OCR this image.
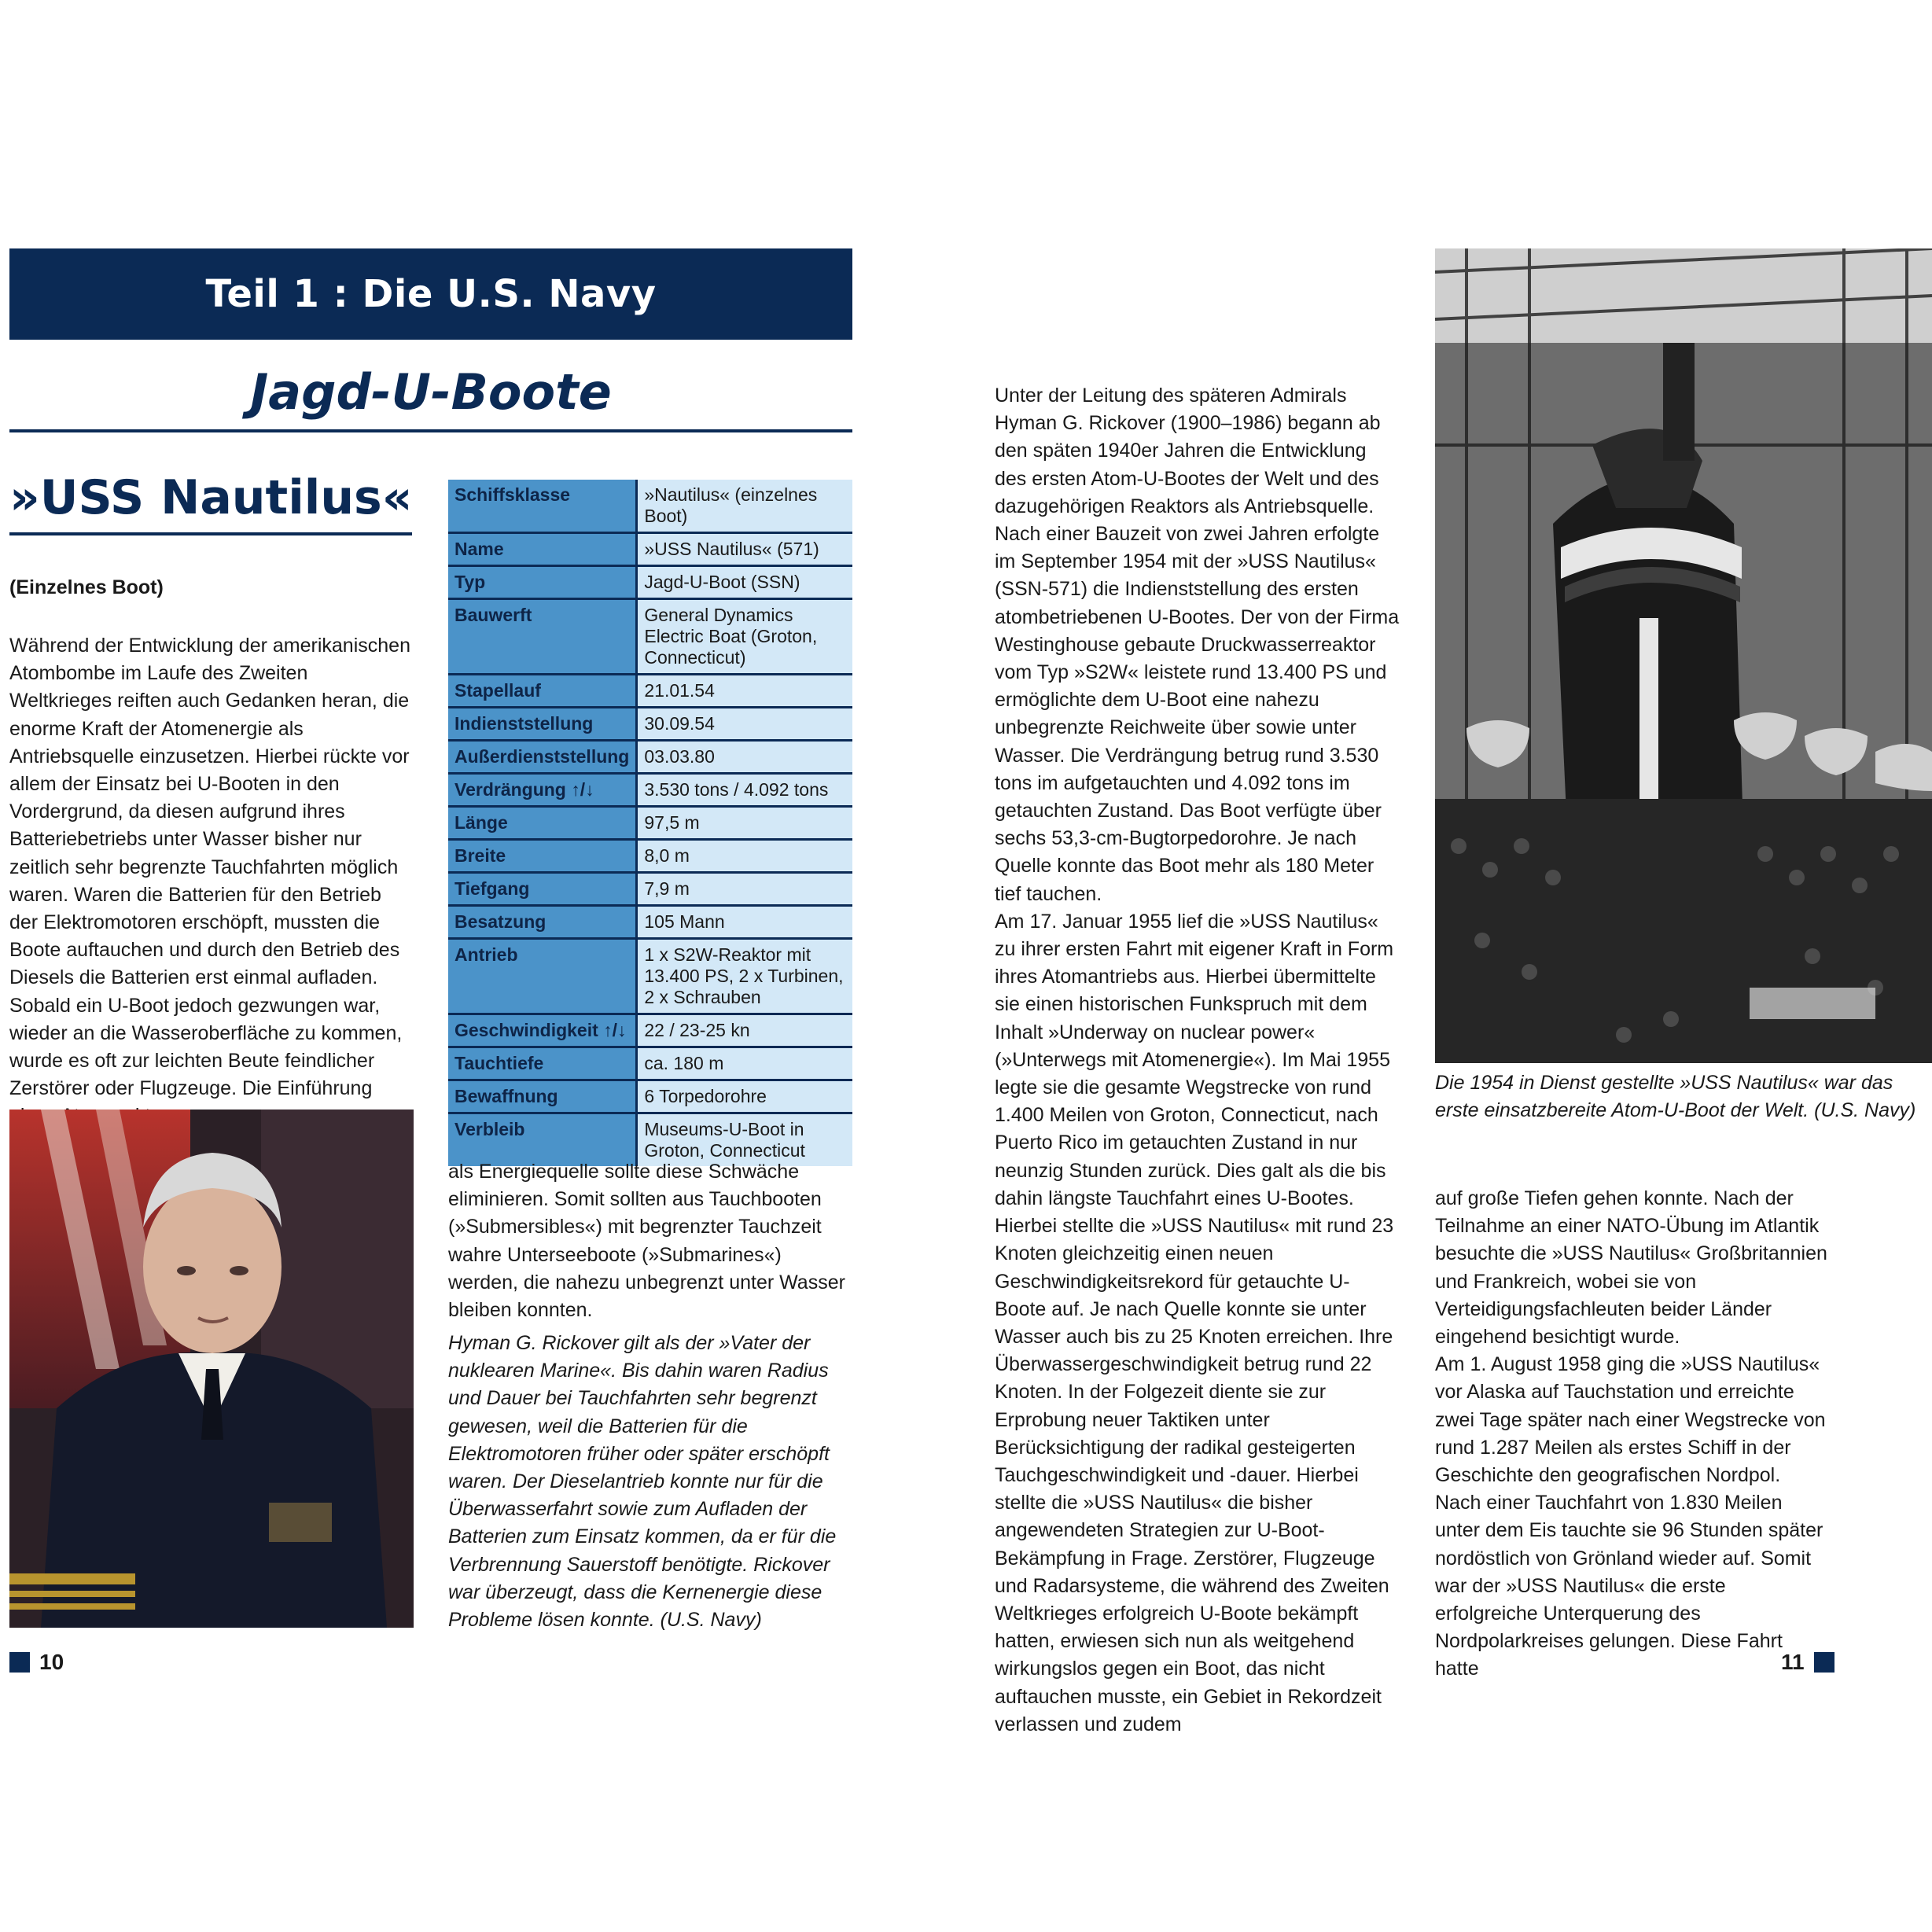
Teil 1 : Die U.S. Navy
Jagd-U-Boote
»USS Nautilus«
(Einzelnes Boot)

Während der Entwicklung der amerikanischen Atombombe im Laufe des Zweiten Weltkrieges reiften auch Gedanken heran, die enorme Kraft der Atomenergie als Antriebsquelle einzusetzen. Hierbei rückte vor allem der Einsatz bei U-Booten in den Vordergrund, da diesen aufgrund ihres Batteriebetriebs unter Wasser bisher nur zeitlich sehr begrenzte Tauchfahrten möglich waren. Waren die Batterien für den Betrieb der Elektromotoren erschöpft, mussten die Boote auftauchen und durch den Betrieb des Diesels die Batterien erst einmal aufladen. Sobald ein U-Boot jedoch gezwungen war, wieder an die Wasseroberfläche zu kommen, wurde es oft zur leichten Beute feindlicher Zerstörer oder Flugzeuge. Die Einführung

Schiffsklasse	»Nautilus« (einzelnes Boot)
Name	»USS Nautilus« (571)
Typ	Jagd-U-Boot (SSN)
Bauwerft	General Dynamics Electric Boat (Groton, Connecticut)
Stapellauf	21.01.54
Indienststellung	30.09.54
Außerdienststellung	03.03.80
Verdrängung ↑/↓	3.530 tons / 4.092 tons
Länge	97,5 m
Breite	8,0 m
Tiefgang	7,9 m
Besatzung	105 Mann
Antrieb	1 x S2W-Reaktor mit 13.400 PS, 2 x Turbinen, 2 x Schrauben
Geschwindigkeit ↑/↓	22 / 23-25 kn
Tauchtiefe	ca. 180 m
Bewaffnung	6 Torpedorohre
Verbleib	Museums-U-Boot in Groton, Connecticut

als Energiequelle sollte diese Schwäche eliminieren. Somit sollten aus Tauchbooten (»Submersibles«) mit begrenzter Tauchzeit wahre Unterseeboote (»Submarines«) werden, die nahezu unbegrenzt unter Wasser bleiben konnten.

Hyman G. Rickover gilt als der »Vater der nuklearen Marine«. Bis dahin waren Radius und Dauer bei Tauchfahrten sehr begrenzt gewesen, weil die Batterien für die Elektromotoren früher oder später erschöpft waren. Der Dieselantrieb konnte nur für die Überwasserfahrt sowie zum Aufladen der Batterien zum Einsatz kommen, da er für die Verbrennung Sauerstoff benötigte. Rickover war überzeugt, dass die Kernenergie diese Probleme lösen konnte. (U.S. Navy)

Unter der Leitung des späteren Admirals Hyman G. Rickover (1900–1986) begann ab den späten 1940er Jahren die Entwicklung des ersten Atom-U-Bootes der Welt und des dazugehörigen Reaktors als Antriebsquelle. Nach einer Bauzeit von zwei Jahren erfolgte im September 1954 mit der »USS Nautilus« (SSN-571) die Indienststellung des ersten atombetriebenen U-Bootes. Der von der Firma Westinghouse gebaute Druckwasserreaktor vom Typ »S2W« leistete rund 13.400 PS und ermöglichte dem U-Boot eine nahezu unbegrenzte Reichweite über sowie unter Wasser. Die Verdrängung betrug rund 3.530 tons im aufgetauchten und 4.092 tons im getauchten Zustand. Das Boot verfügte über sechs 53,3-cm-Bugtorpedorohre. Je nach Quelle konnte das Boot mehr als 180 Meter tief tauchen.

Am 17. Januar 1955 lief die »USS Nautilus« zu ihrer ersten Fahrt mit eigener Kraft in Form ihres Atomantriebs aus. Hierbei übermittelte sie einen historischen Funkspruch mit dem Inhalt »Underway on nuclear power« (»Unterwegs mit Atomenergie«). Im Mai 1955 legte sie die gesamte Wegstrecke von rund 1.400 Meilen von Groton, Connecticut, nach Puerto Rico im getauchten Zustand in nur neunzig Stunden zurück. Dies galt als die bis dahin längste Tauchfahrt eines U-Bootes. Hierbei stellte die »USS Nautilus« mit rund 23 Knoten gleichzeitig einen neuen Geschwindigkeitsrekord für getauchte U-Boote auf. Je nach Quelle konnte sie unter Wasser auch bis zu 25 Knoten erreichen. Ihre Überwassergeschwindigkeit betrug rund 22 Knoten. In der Folgezeit diente sie zur Erprobung neuer Taktiken unter Berücksichtigung der radikal gesteigerten Tauchgeschwindigkeit und -dauer. Hierbei stellte die »USS Nautilus« die bisher angewendeten Strategien zur U-Boot-Bekämpfung in Frage. Zerstörer, Flugzeuge und Radarsysteme, die während des Zweiten Weltkrieges erfolgreich U-Boote bekämpft hatten, erwiesen sich nun als weitgehend wirkungslos gegen ein Boot, das nicht auftauchen musste, ein Gebiet in Rekordzeit verlassen und zudem

Die 1954 in Dienst gestellte »USS Nautilus« war das erste einsatzbereite Atom-U-Boot der Welt. (U.S. Navy)

auf große Tiefen gehen konnte. Nach der Teilnahme an einer NATO-Übung im Atlantik besuchte die »USS Nautilus« Großbritannien und Frankreich, wobei sie von Verteidigungsfachleuten beider Länder eingehend besichtigt wurde.

Am 1. August 1958 ging die »USS Nautilus« vor Alaska auf Tauchstation und erreichte zwei Tage später nach einer Wegstrecke von rund 1.287 Meilen als erstes Schiff in der Geschichte den geografischen Nordpol. Nach einer Tauchfahrt von 1.830 Meilen unter dem Eis tauchte sie 96 Stunden später nordöstlich von Grönland wieder auf. Somit war der »USS Nautilus« die erste erfolgreiche Unterquerung des Nordpolarkreises gelungen. Diese Fahrt hatte

10	11
